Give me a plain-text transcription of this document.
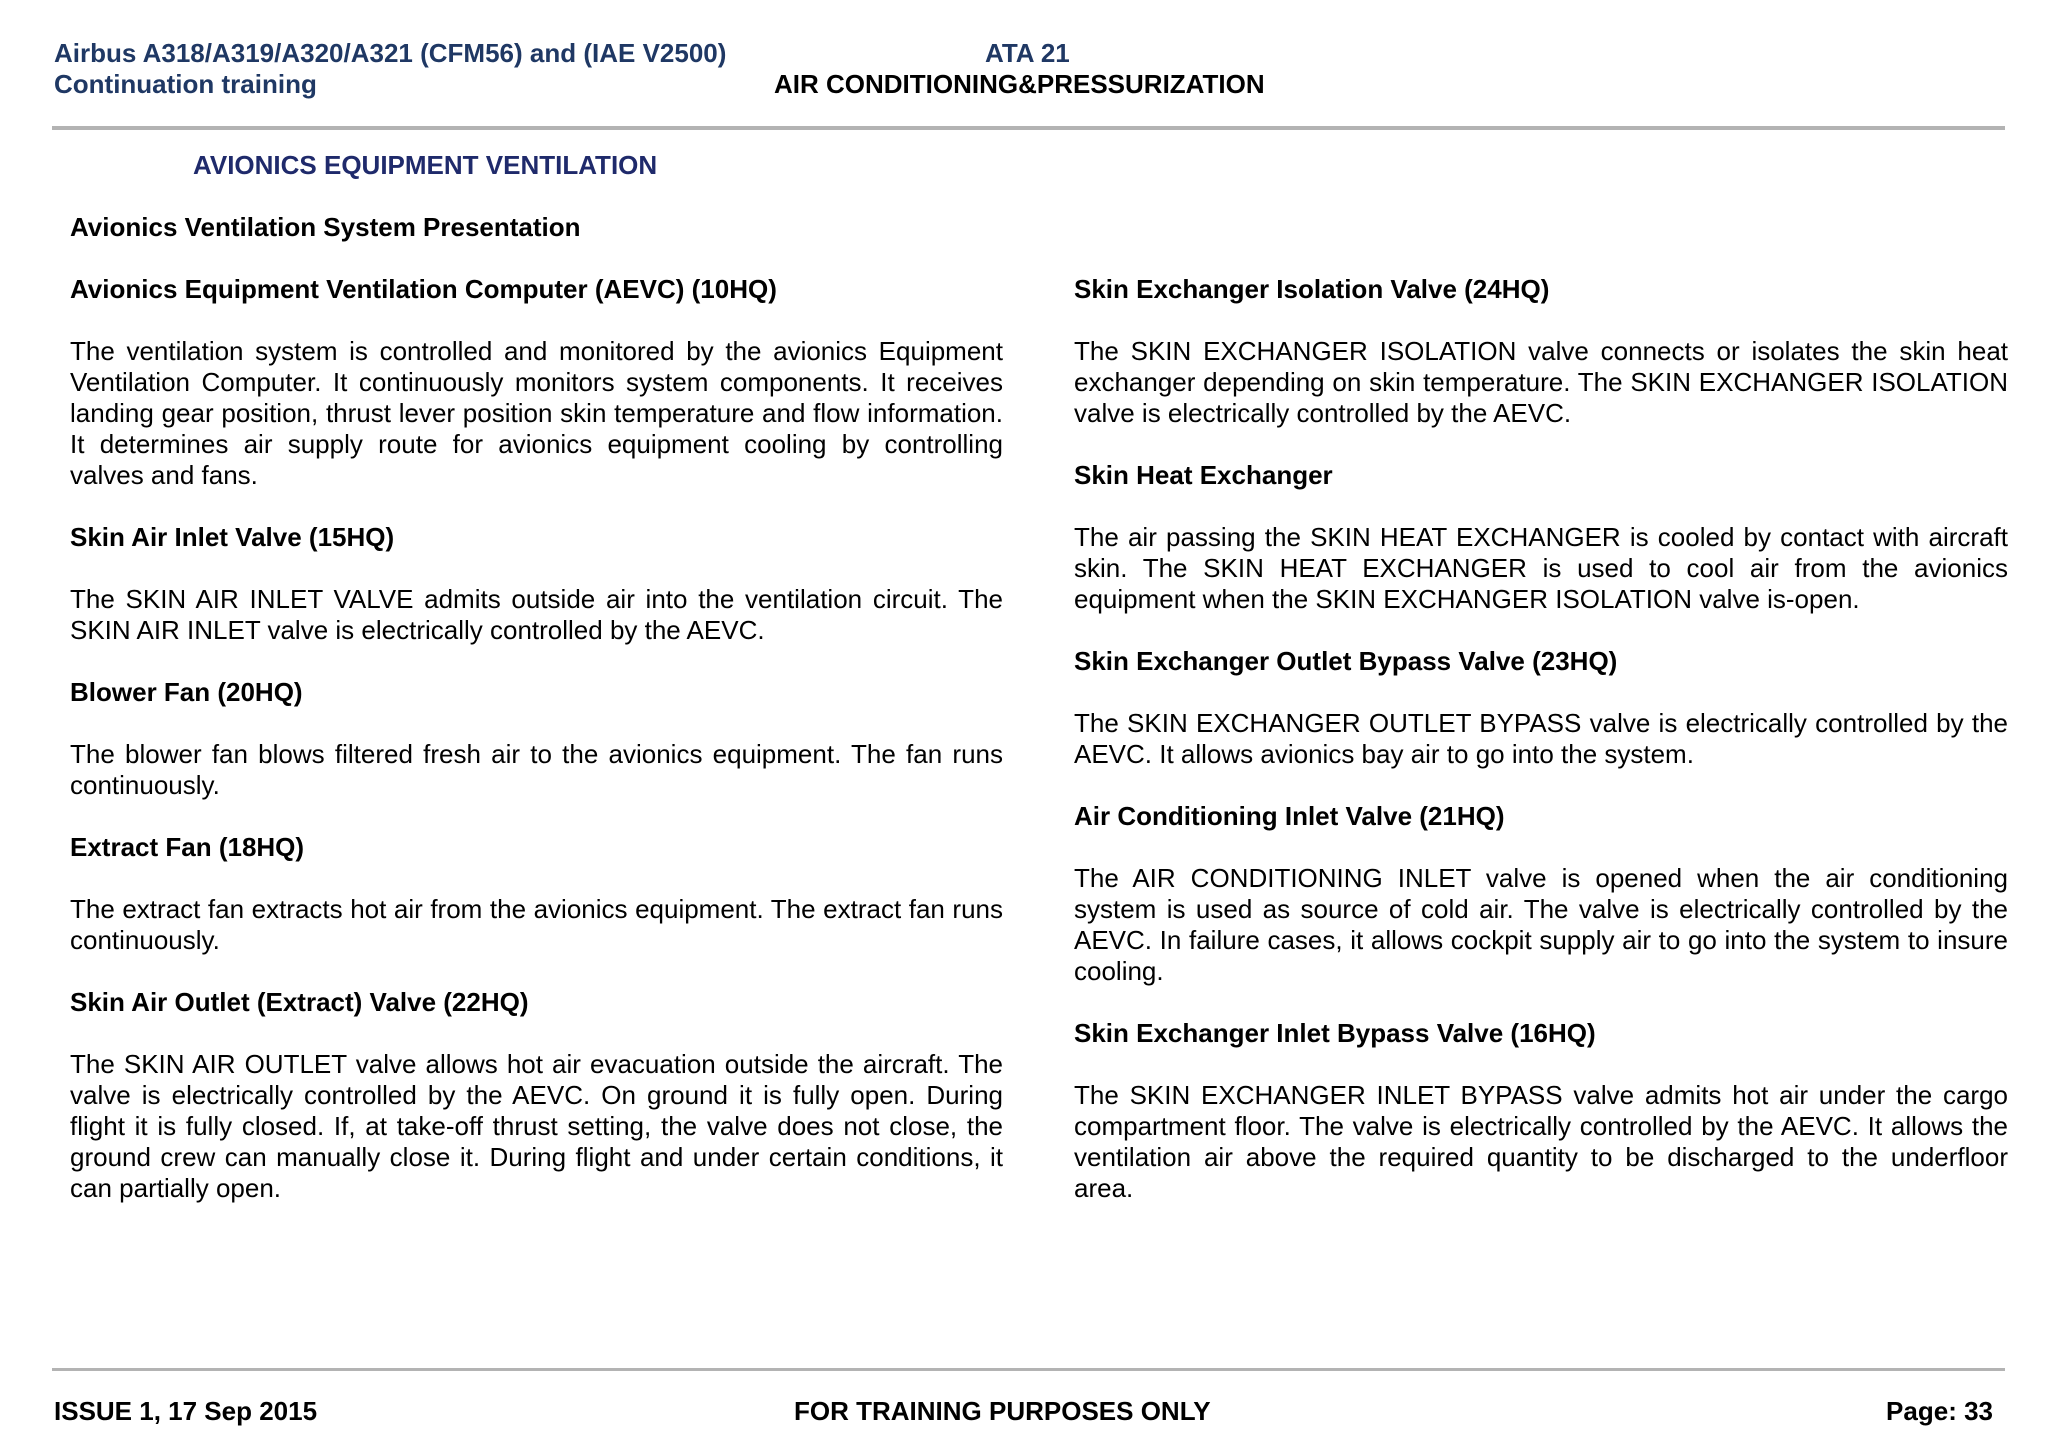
Airbus A318/A319/A320/A321 (CFM56) and (IAE V2500)
Continuation training
ATA 21
AIR CONDITIONING&PRESSURIZATION
AVIONICS EQUIPMENT VENTILATION
Avionics Ventilation System Presentation
Avionics Equipment Ventilation Computer (AEVC) (10HQ)

The ventilation system is controlled and monitored by the avionics Equipment Ventilation Computer. It continuously monitors system components. It receives landing gear position, thrust lever position skin temperature and flow information. It determines air supply route for avionics equipment cooling by controlling valves and fans.

Skin Air Inlet Valve (15HQ)

The SKIN AIR INLET VALVE admits outside air into the ventilation circuit. The SKIN AIR INLET valve is electrically controlled by the AEVC.

Blower Fan (20HQ)

The blower fan blows filtered fresh air to the avionics equipment. The fan runs continuously.

Extract Fan (18HQ)

The extract fan extracts hot air from the avionics equipment. The extract fan runs continuously.

Skin Air Outlet (Extract) Valve (22HQ)

The SKIN AIR OUTLET valve allows hot air evacuation outside the aircraft. The valve is electrically controlled by the AEVC. On ground it is fully open. During flight it is fully closed. If, at take-off thrust setting, the valve does not close, the ground crew can manually close it. During flight and under certain conditions, it can partially open.

Skin Exchanger Isolation Valve (24HQ)

The SKIN EXCHANGER ISOLATION valve connects or isolates the skin heat exchanger depending on skin temperature. The SKIN EXCHANGER ISOLATION valve is electrically controlled by the AEVC.

Skin Heat Exchanger

The air passing the SKIN HEAT EXCHANGER is cooled by contact with aircraft skin. The SKIN HEAT EXCHANGER is used to cool air from the avionics equipment when the SKIN EXCHANGER ISOLATION valve is-open.

Skin Exchanger Outlet Bypass Valve (23HQ)

The SKIN EXCHANGER OUTLET BYPASS valve is electrically controlled by the AEVC. It allows avionics bay air to go into the system.

Air Conditioning Inlet Valve (21HQ)

The AIR CONDITIONING INLET valve is opened when the air conditioning system is used as source of cold air. The valve is electrically controlled by the AEVC. In failure cases, it allows cockpit supply air to go into the system to insure cooling.

Skin Exchanger Inlet Bypass Valve (16HQ)

The SKIN EXCHANGER INLET BYPASS valve admits hot air under the cargo compartment floor. The valve is electrically controlled by the AEVC. It allows the ventilation air above the required quantity to be discharged to the underfloor area.

ISSUE 1, 17 Sep 2015	FOR TRAINING PURPOSES ONLY	Page: 33
